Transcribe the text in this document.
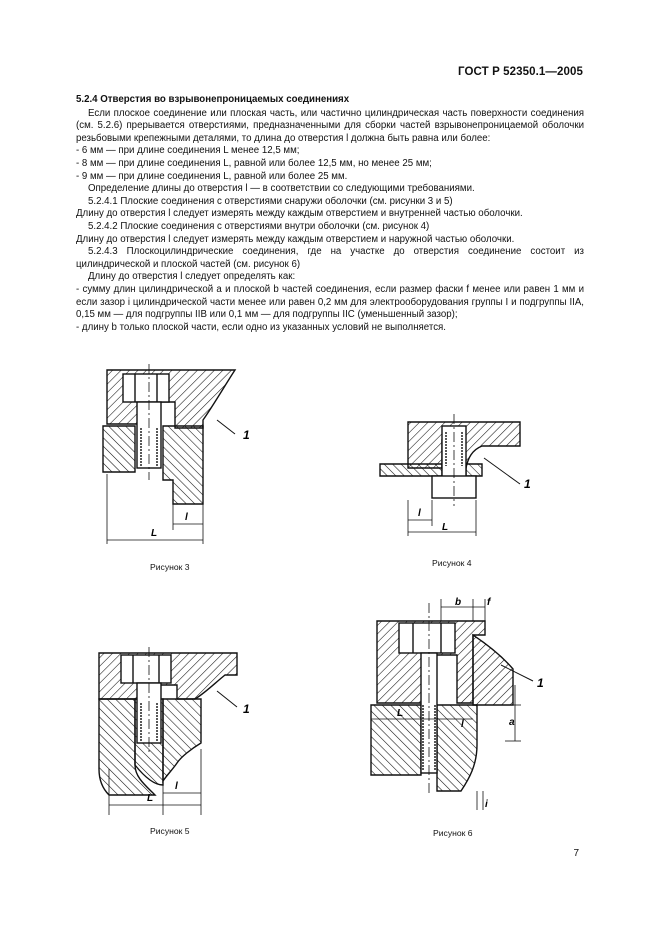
ГОСТ Р 52350.1—2005

5.2.4 Отверстия во взрывонепроницаемых соединениях

Если плоское соединение или плоская часть, или частично цилиндрическая часть поверхности соединения (см. 5.2.6) прерывается отверстиями, предназначенными для сборки частей взрывонепроницаемой оболочки резьбовыми крепежными деталями, то длина до отверстия l должна быть равна или более:

- 6 мм — при длине соединения L менее 12,5 мм;

- 8 мм — при длине соединения L, равной или более 12,5 мм, но менее 25 мм;

- 9 мм — при длине соединения L, равной или более 25 мм.

Определение длины до отверстия l — в соответствии со следующими требованиями.

5.2.4.1 Плоские соединения с отверстиями снаружи оболочки (см. рисунки 3 и 5)

Длину до отверстия l следует измерять между каждым отверстием и внутренней частью оболочки.

5.2.4.2 Плоские соединения с отверстиями внутри оболочки (см. рисунок 4)

Длину до отверстия l следует измерять между каждым отверстием и наружной частью оболочки.

5.2.4.3 Плоскоцилиндрические соединения, где на участке до отверстия соединение состоит из цилиндрической и плоской частей (см. рисунок 6)

Длину до отверстия l следует определять как:

- сумму длин цилиндрической a и плоской b частей соединения, если размер фаски f менее или равен 1 мм и если зазор i цилиндрической части менее или равен 0,2 мм для электрооборудования группы I и подгруппы IIA, 0,15 мм — для подгруппы IIB или 0,1 мм — для подгруппы IIC (уменьшенный зазор);

- длину b только плоской части, если одно из указанных условий не выполняется.

1
l
L
Рисунок 3
1
l
L
Рисунок 4
1
l
L
Рисунок 5
b	f
1
L
l	a
i
Рисунок 6
7
